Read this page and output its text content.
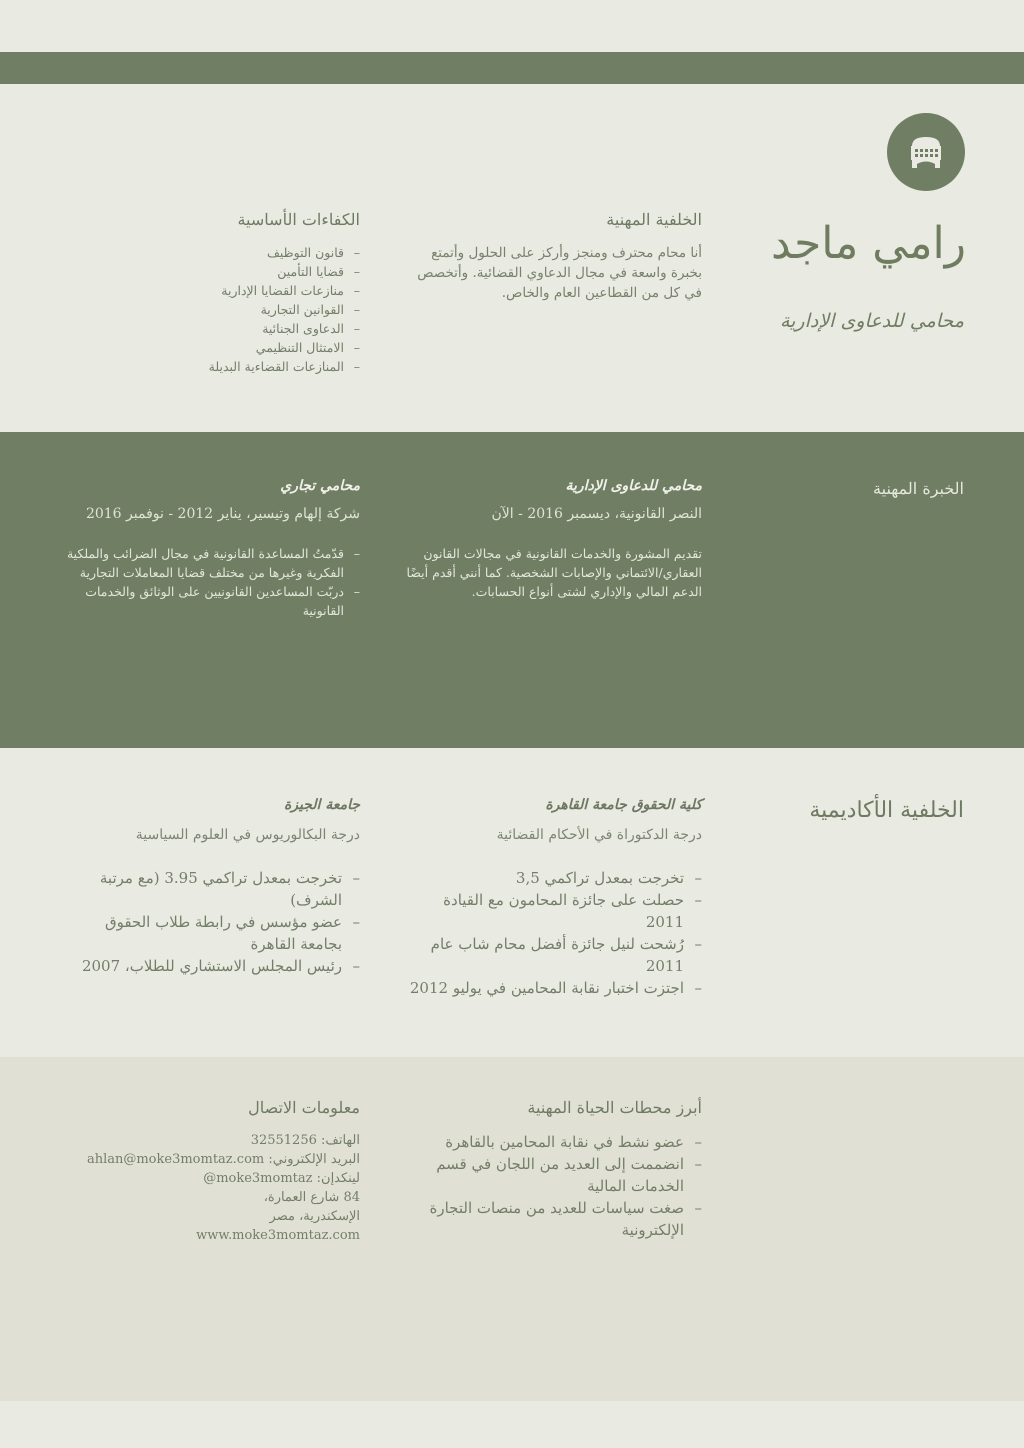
رامي ماجد
محامي للدعاوى الإدارية
الخلفية المهنية
أنا محام محترف ومنجز وأركز على الحلول وأتمتع بخبرة واسعة في مجال الدعاوي القضائية. وأتخصص في كل من القطاعين العام والخاص.
الكفاءات الأساسية
– قانون التوظيف
– قضايا التأمين
– منازعات القضايا الإدارية
– القوانين التجارية
– الدعاوى الجنائية
– الامتثال التنظيمي
– المنازعات القضاءية البديلة
الخبرة المهنية
محامي للدعاوى الإدارية
النصر القانونية، ديسمبر 2016 - الآن
تقديم المشورة والخدمات القانونية في مجالات القانون العقاري/الائتماني والإصابات الشخصية. كما أنني أقدم أيضًا الدعم المالي والإداري لشتى أنواع الحسابات.
محامي تجاري
شركة إلهام وتيسير، يناير 2012 - نوفمبر 2016
– قدّمتُ المساعدة القانونية في مجال الضرائب والملكية الفكرية وغيرها من مختلف قضايا المعاملات التجارية
– دربّت المساعدين القانونيين على الوثائق والخدمات القانونية
الخلفية الأكاديمية
كلية الحقوق جامعة القاهرة
درجة الدكتوراة في الأحكام القضائية
– تخرجت بمعدل تراكمي 3,5
– حصلت على جائزة المحامون مع القيادة 2011
– رُشحت لنيل جائزة أفضل محام شاب عام 2011
– اجتزت اختبار نقابة المحامين في يوليو 2012
جامعة الجيزة
درجة البكالوريوس في العلوم السياسية
– تخرجت بمعدل تراكمي 3.95 (مع مرتبة الشرف)
– عضو مؤسس في رابطة طلاب الحقوق بجامعة القاهرة
– رئيس المجلس الاستشاري للطلاب، 2007
أبرز محطات الحياة المهنية
– عضو نشط في نقابة المحامين بالقاهرة
– انضممت إلى العديد من اللجان في قسم الخدمات المالية
– صغت سياسات للعديد من منصات التجارة الإلكترونية
معلومات الاتصال
الهاتف: 32551256
البريد الإلكتروني: ahlan@moke3momtaz.com
لينكدإن: @moke3momtaz
84 شارع العمارة،
الإسكندرية، مصر
www.moke3momtaz.com
